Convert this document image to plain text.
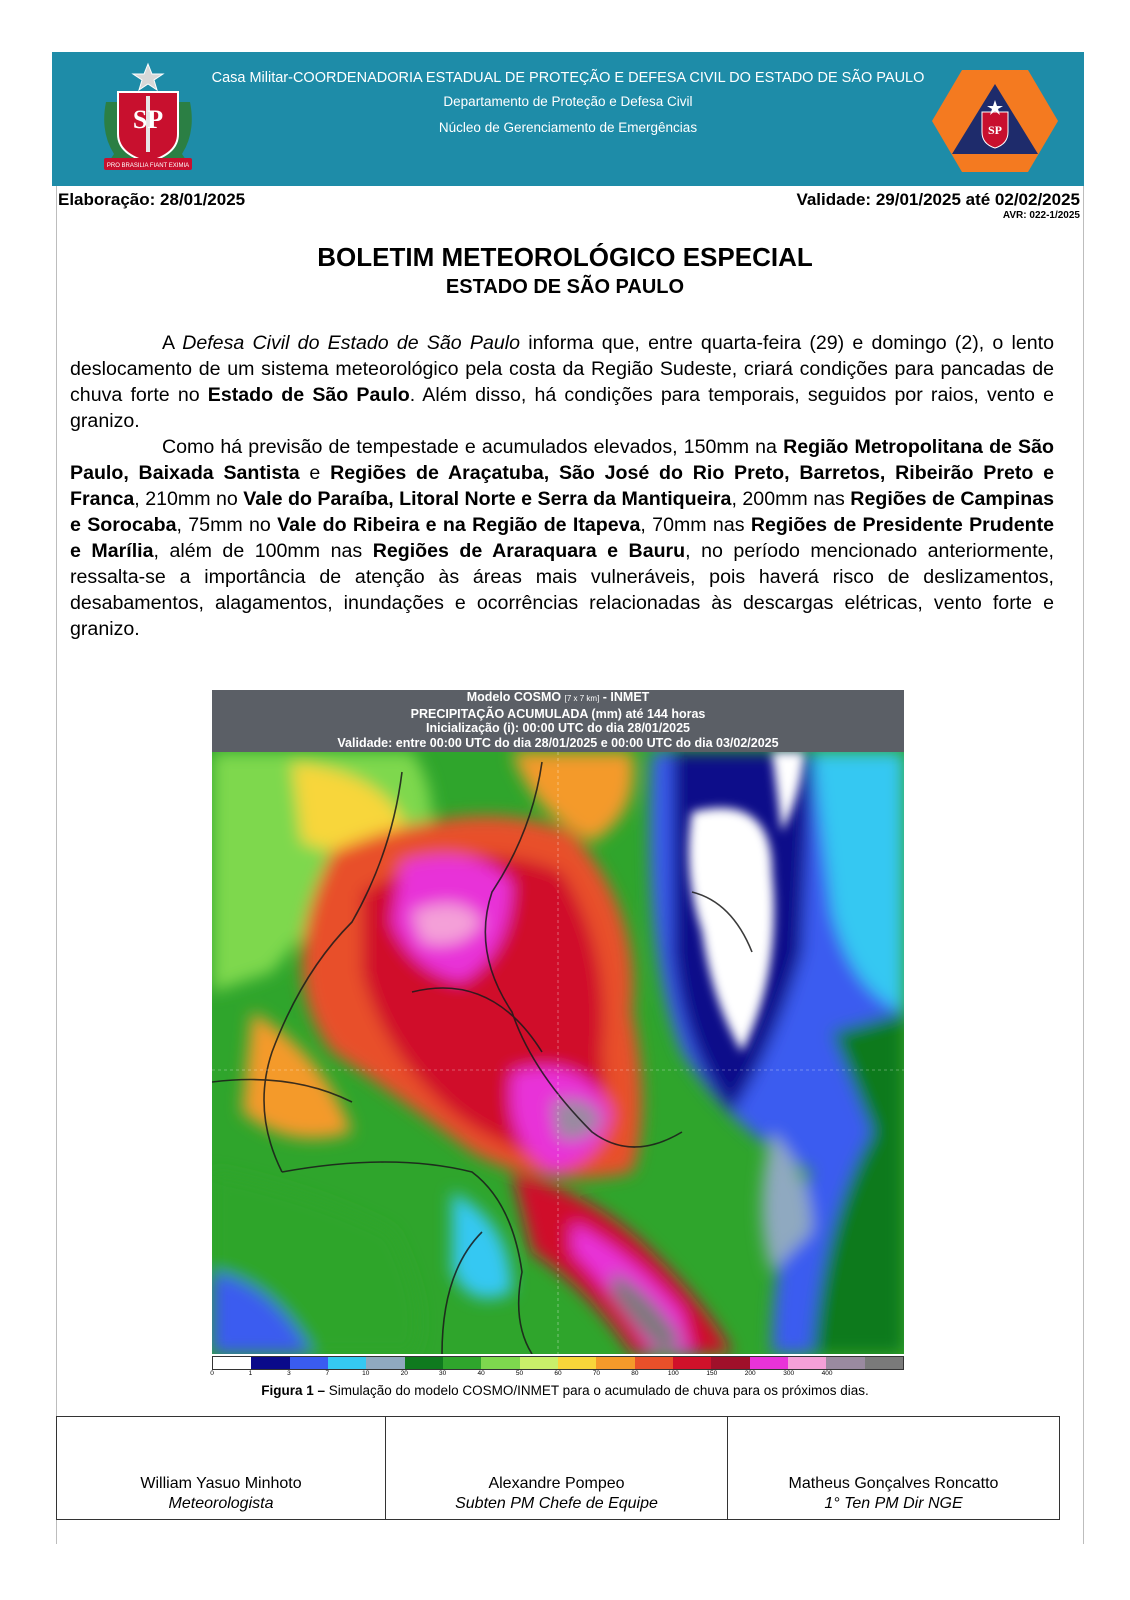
SP
PRO BRASILIA FIANT EXIMIA
Casa Militar-COORDENADORIA ESTADUAL DE PROTEÇÃO E DEFESA CIVIL DO ESTADO DE SÃO PAULO
Departamento de Proteção e Defesa Civil
Núcleo de Gerenciamento de Emergências	SP
Elaboração: 28/01/2025	Validade: 29/01/2025 até 02/02/2025
AVR: 022-1/2025
BOLETIM METEOROLÓGICO ESPECIAL
ESTADO DE SÃO PAULO

A Defesa Civil do Estado de São Paulo informa que, entre quarta-feira (29) e domingo (2), o lento deslocamento de um sistema meteorológico pela costa da Região Sudeste, criará condições para pancadas de chuva forte no Estado de São Paulo. Além disso, há condições para temporais, seguidos por raios, vento e granizo.

Como há previsão de tempestade e acumulados elevados, 150mm na Região Metropolitana de São Paulo, Baixada Santista e Regiões de Araçatuba, São José do Rio Preto, Barretos, Ribeirão Preto e Franca, 210mm no Vale do Paraíba, Litoral Norte e Serra da Mantiqueira, 200mm nas Regiões de Campinas e Sorocaba, 75mm no Vale do Ribeira e na Região de Itapeva, 70mm nas Regiões de Presidente Prudente e Marília, além de 100mm nas Regiões de Araraquara e Bauru, no período mencionado anteriormente, ressalta-se a importância de atenção às áreas mais vulneráveis, pois haverá risco de deslizamentos, desabamentos, alagamentos, inundações e ocorrências relacionadas às descargas elétricas, vento forte e granizo.

Modelo COSMO [7 x 7 km] - INMET
PRECIPITAÇÃO ACUMULADA (mm) até 144 horas
Inicialização (i): 00:00 UTC do dia 28/01/2025
Validade: entre 00:00 UTC do dia 28/01/2025 e 00:00 UTC do dia 03/02/2025
0	1	3	7	10	20	30	40	50	60	70	80	100	150	200	300	400
Figura 1 – Simulação do modelo COSMO/INMET para o acumulado de chuva para os próximos dias.
William Yasuo Minhoto
Meteorologista
Alexandre Pompeo
Subten PM Chefe de Equipe
Matheus Gonçalves Roncatto
1° Ten PM Dir NGE
